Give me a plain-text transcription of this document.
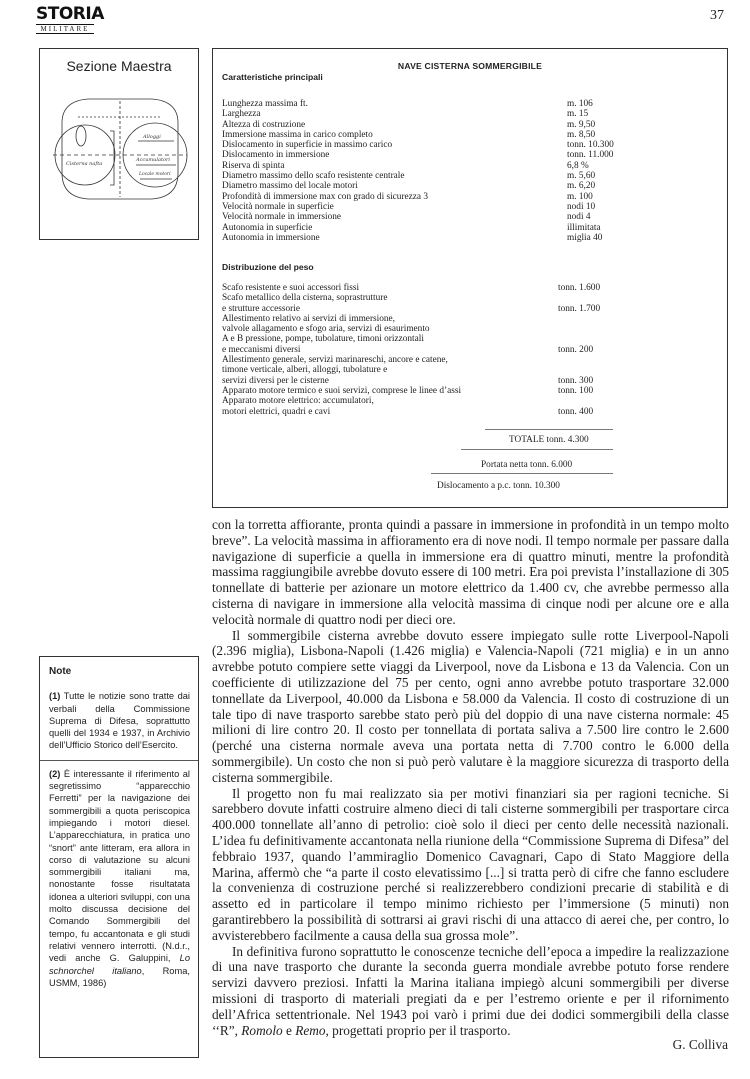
STORIA
MILITARE
37
Sezione Maestra
Cisterna nafta
Alloggi
Accumulatori
Locale motori
NAVE CISTERNA SOMMERGIBILE
Caratteristiche principali
Lunghezza massima ft.	m. 106
Larghezza	m. 15
Altezza di costruzione	m. 9,50
Immersione massima in carico completo	m. 8,50
Dislocamento in superficie in massimo carico	tonn. 10.300
Dislocamento in immersione	tonn. 11.000
Riserva di spinta	6,8 %
Diametro massimo dello scafo resistente centrale	m. 5,60
Diametro massimo del locale motori	m. 6,20
Profondità di immersione max con grado di sicurezza 3	m. 100
Velocità normale in superficie	nodi 10
Velocità normale in immersione	nodi 4
Autonomia in superficie	illimitata
Autonomia in immersione	miglia 40
Distribuzione del peso
Scafo resistente e suoi accessori fissi	tonn. 1.600
Scafo metallico della cisterna, soprastrutture
e strutture accessorie	tonn. 1.700
Allestimento relativo ai servizi di immersione,
valvole allagamento e sfogo aria, servizi di esaurimento
A e B pressione, pompe, tubolature, timoni orizzontali
e meccanismi diversi	tonn. 200
Allestimento generale, servizi marinareschi, ancore e catene,
timone verticale, alberi, alloggi, tubolature e
servizi diversi per le cisterne	tonn. 300
Apparato motore termico e suoi servizi, comprese le linee d’assi	tonn. 100
Apparato motore elettrico: accumulatori,
motori elettrici, quadri e cavi	tonn. 400
TOTALE tonn. 4.300
Portata netta tonn. 6.000
Dislocamento a p.c. tonn. 10.300
Note

(1) Tutte le notizie sono tratte dai verbali della Commissione Suprema di Difesa, soprattutto quelli del 1934 e 1937, in Archivio dell’Ufficio Storico dell’Esercito.

(2) È interessante il riferimento al segretissimo “apparecchio Ferretti” per la navigazione dei sommergibili a quota periscopica impiegando i motori diesel. L’apparecchiatura, in pratica uno “snort” ante litteram, era allora in corso di valutazione su alcuni sommergibili italiani ma, nonostante fosse risultatata idonea a ulteriori sviluppi, con una molto discussa decisione del Comando Sommergibili del tempo, fu accantonata e gli studi relativi vennero interrotti. (N.d.r., vedi anche G. Galuppini, Lo schnorchel italiano, Roma, USMM, 1986)

con la torretta affiorante, pronta quindi a passare in immersione in profondità in un tempo molto breve”. La velocità massima in affioramento era di nove nodi. Il tempo normale per passare dalla navigazione di superficie a quella in immersione era di quattro minuti, mentre la profondità massima raggiungibile avrebbe dovuto essere di 100 metri. Era poi prevista l’installazione di 305 tonnellate di batterie per azionare un motore elettrico da 1.400 cv, che avrebbe permesso alla cisterna di navigare in immersione alla velocità massima di cinque nodi per alcune ore e alla velocità normale di quattro nodi per dieci ore.

Il sommergibile cisterna avrebbe dovuto essere impiegato sulle rotte Liverpool-Napoli (2.396 miglia), Lisbona-Napoli (1.426 miglia) e Valencia-Napoli (721 miglia) e in un anno avrebbe potuto compiere sette viaggi da Liverpool, nove da Lisbona e 13 da Valencia. Con un coefficiente di utilizzazione del 75 per cento, ogni anno avrebbe potuto trasportare 32.000 tonnellate da Liverpool, 40.000 da Lisbona e 58.000 da Valencia. Il costo di costruzione di un tale tipo di nave trasporto sarebbe stato però più del doppio di una nave cisterna normale: 45 milioni di lire contro 20. Il costo per tonnellata di portata saliva a 7.500 lire contro le 2.600 (perché una cisterna normale aveva una portata netta di 7.700 contro le 6.000 della sommergibile). Un costo che non si può però valutare è la maggiore sicurezza di trasporto della cisterna sommergibile.

Il progetto non fu mai realizzato sia per motivi finanziari sia per ragioni tecniche. Si sarebbero dovute infatti costruire almeno dieci di tali cisterne sommergibili per trasportare circa 400.000 tonnellate all’anno di petrolio: cioè solo il dieci per cento delle necessità nazionali. L’idea fu definitivamente accantonata nella riunione della “Commissione Suprema di Difesa” del febbraio 1937, quando l’ammiraglio Domenico Cavagnari, Capo di Stato Maggiore della Marina, affermò che “a parte il costo elevatissimo [...] si tratta però di cifre che fanno escludere la convenienza di costruzione perché si realizzerebbero condizioni precarie di stabilità e di assetto ed in particolare il tempo minimo richiesto per l’immersione (5 minuti) non garantirebbero la possibilità di sottrarsi ai gravi rischi di una attacco di aerei che, per contro, lo avvisterebbero facilmente a causa della sua grossa mole”.

In definitiva furono soprattutto le conoscenze tecniche dell’epoca a impedire la realizzazione di una nave trasporto che durante la seconda guerra mondiale avrebbe potuto forse rendere servizi davvero preziosi. Infatti la Marina italiana impiegò alcuni sommergibili per diverse missioni di trasporto di materiali pregiati da e per l’estremo oriente e per il rifornimento dell’Africa settentrionale. Nel 1943 poi varò i primi due dei dodici sommergibili della classe ‘‘R”, Romolo e Remo, progettati proprio per il trasporto.

G. Colliva
